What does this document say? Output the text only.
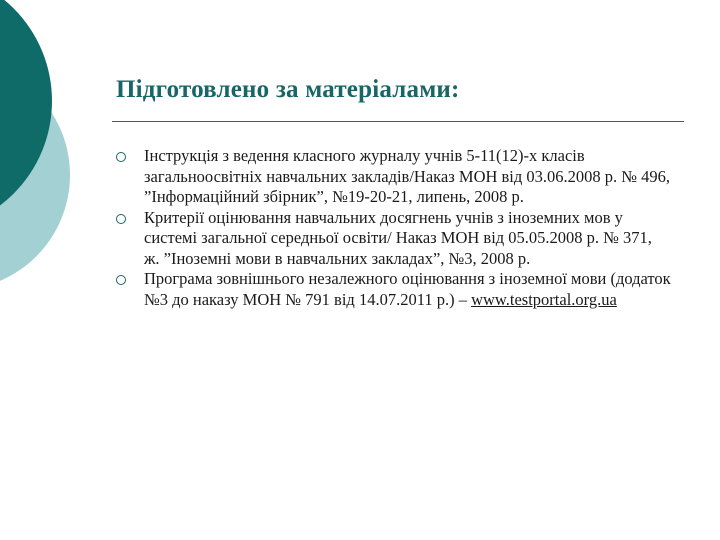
Підготовлено за матеріалами:
Інструкція з ведення класного журналу учнів 5-11(12)-х класів загальноосвітніх навчальних закладів/Наказ МОН від 03.06.2008 р. № 496, ”Інформаційний збірник”, №19-20-21, липень, 2008 р.
Критерії оцінювання навчальних досягнень учнів з іноземних мов у системі загальної середньої освіти/ Наказ МОН від 05.05.2008 р. № 371, ж. ”Іноземні мови в навчальних закладах”, №3, 2008 р.
Програма зовнішнього незалежного оцінювання з іноземної мови (додаток №3 до наказу МОН № 791 від 14.07.2011 р.) – www.testportal.org.ua
